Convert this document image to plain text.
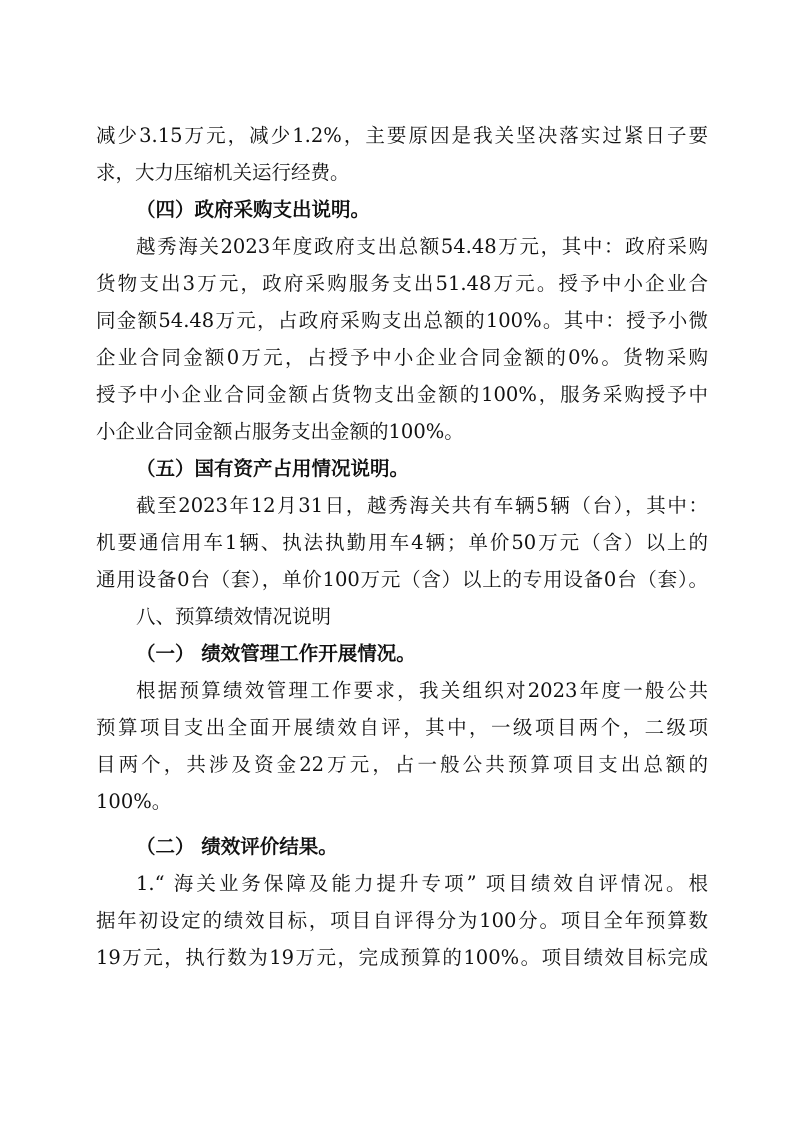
减少3.15万元，减少1.2%，主要原因是我关坚决落实过紧日子要
求，大力压缩机关运行经费。
（四）政府采购支出说明。
越秀海关2023年度政府支出总额54.48万元，其中：政府采购
货物支出3万元，政府采购服务支出51.48万元。授予中小企业合
同金额54.48万元，占政府采购支出总额的100%。其中：授予小微
企业合同金额0万元，占授予中小企业合同金额的0%。货物采购
授予中小企业合同金额占货物支出金额的100%，服务采购授予中
小企业合同金额占服务支出金额的100%。
（五）国有资产占用情况说明。
截至2023年12月31日，越秀海关共有车辆5辆（台），其中：
机要通信用车1辆、执法执勤用车4辆；单价50万元（含）以上的
通用设备0台（套），单价100万元（含）以上的专用设备0台（套）。
八、预算绩效情况说明
（一） 绩效管理工作开展情况。
根据预算绩效管理工作要求，我关组织对2023年度一般公共
预算项目支出全面开展绩效自评，其中，一级项目两个，二级项
目两个，共涉及资金22万元，占一般公共预算项目支出总额的
100%。
（二） 绩效评价结果。
1.“ 海关业务保障及能力提升专项” 项目绩效自评情况。根
据年初设定的绩效目标，项目自评得分为100分。项目全年预算数
19万元，执行数为19万元，完成预算的100%。项目绩效目标完成
